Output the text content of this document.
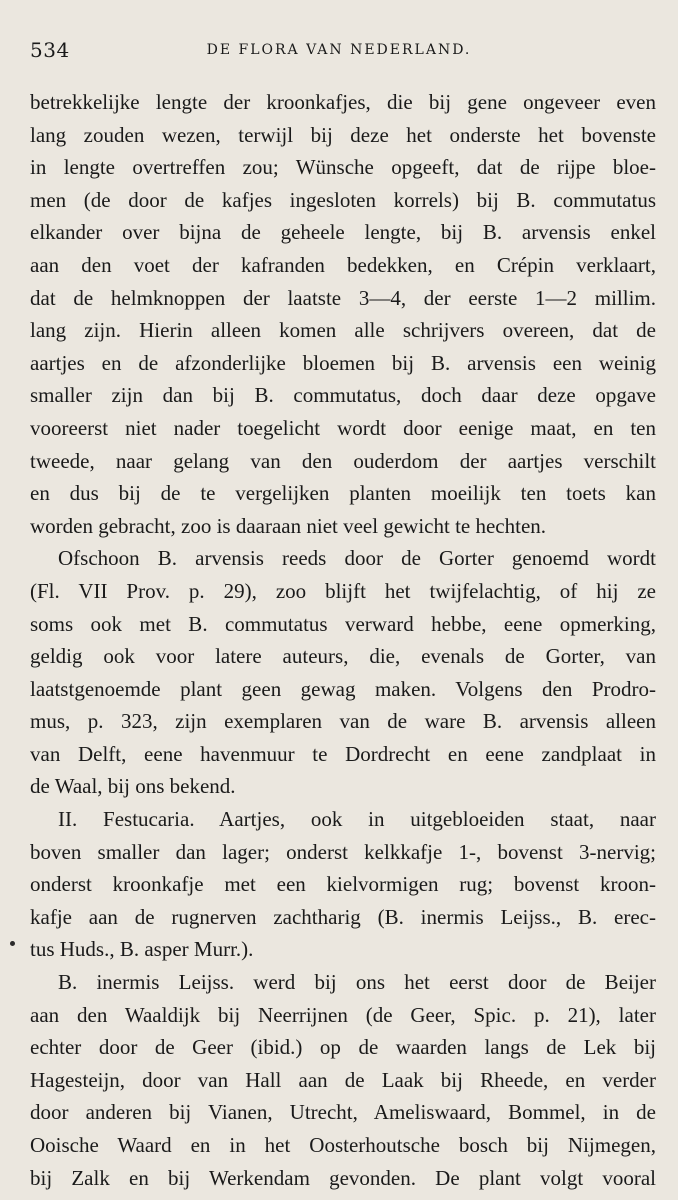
534	DE FLORA VAN NEDERLAND.
betrekkelijke lengte der kroonkafjes, die bij gene ongeveer even
lang zouden wezen, terwijl bij deze het onderste het bovenste
in lengte overtreffen zou; Wünsche opgeeft, dat de rijpe bloe-
men (de door de kafjes ingesloten korrels) bij B. commutatus
elkander over bijna de geheele lengte, bij B. arvensis enkel
aan den voet der kafranden bedekken, en Crépin verklaart,
dat de helmknoppen der laatste 3—4, der eerste 1—2 millim.
lang zijn. Hierin alleen komen alle schrijvers overeen, dat de
aartjes en de afzonderlijke bloemen bij B. arvensis een weinig
smaller zijn dan bij B. commutatus, doch daar deze opgave
vooreerst niet nader toegelicht wordt door eenige maat, en ten
tweede, naar gelang van den ouderdom der aartjes verschilt
en dus bij de te vergelijken planten moeilijk ten toets kan
worden gebracht, zoo is daaraan niet veel gewicht te hechten.
Ofschoon B. arvensis reeds door de Gorter genoemd wordt
(Fl. VII Prov. p. 29), zoo blijft het twijfelachtig, of hij ze
soms ook met B. commutatus verward hebbe, eene opmerking,
geldig ook voor latere auteurs, die, evenals de Gorter, van
laatstgenoemde plant geen gewag maken. Volgens den Prodro-
mus, p. 323, zijn exemplaren van de ware B. arvensis alleen
van Delft, eene havenmuur te Dordrecht en eene zandplaat in
de Waal, bij ons bekend.
II. Festucaria. Aartjes, ook in uitgebloeiden staat, naar
boven smaller dan lager; onderst kelkkafje 1-, bovenst 3-nervig;
onderst kroonkafje met een kielvormigen rug; bovenst kroon-
kafje aan de rugnerven zachtharig (B. inermis Leijss., B. erec-
tus Huds., B. asper Murr.).
B. inermis Leijss. werd bij ons het eerst door de Beijer
aan den Waaldijk bij Neerrijnen (de Geer, Spic. p. 21), later
echter door de Geer (ibid.) op de waarden langs de Lek bij
Hagesteijn, door van Hall aan de Laak bij Rheede, en verder
door anderen bij Vianen, Utrecht, Ameliswaard, Bommel, in de
Ooische Waard en in het Oosterhoutsche bosch bij Nijmegen,
bij Zalk en bij Werkendam gevonden. De plant volgt vooral
